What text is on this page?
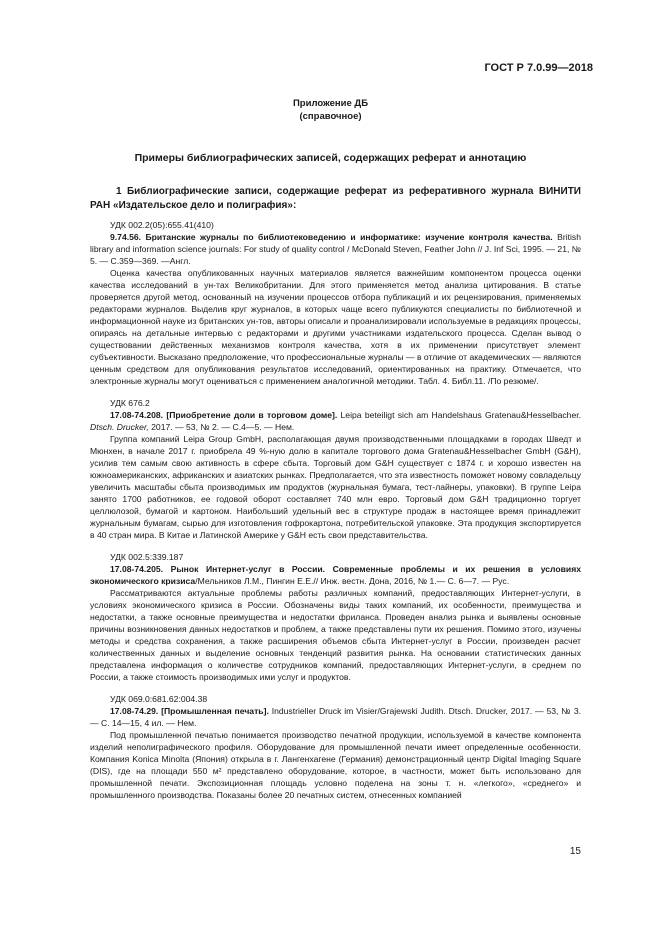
ГОСТ Р 7.0.99—2018
Приложение ДБ
(справочное)
Примеры библиографических записей, содержащих реферат и аннотацию
1 Библиографические записи, содержащие реферат из реферативного журнала ВИНИТИ РАН «Издательское дело и полиграфия»:
УДК 002.2(05):655.41(410)
9.74.56. Британские журналы по библиотековедению и информатике: изучение контроля качества. British library and information science journals: For study of quality control / McDonald Steven, Feather John // J. Inf Sci, 1995. — 21, № 5. — С.359—369. —Англ.

Оценка качества опубликованных научных материалов является важнейшим компонентом процесса оценки качества исследований в ун-тах Великобритании. Для этого применяется метод анализа цитирования. В статье проверяется другой метод, основанный на изучении процессов отбора публикаций и их рецензирования, применяемых редакторами журналов. Выделив круг журналов, в которых чаще всего публикуются специалисты по библиотечной и информационной науке из британских ун-тов, авторы описали и проанализировали используемые в редакциях процессы, опираясь на детальные интервью с редакторами и другими участниками издательского процесса. Сделан вывод о существовании действенных механизмов контроля качества, хотя в их применении присутствует элемент субъективности. Высказано предположение, что профессиональные журналы — в отличие от академических — являются ценным средством для опубликования результатов исследований, ориентированных на практику. Отмечается, что электронные журналы могут оцениваться с применением аналогичной методики. Табл. 4. Библ.11. /По резюме/.

УДК 676.2
17.08-74.208. [Приобретение доли в торговом доме]. Leipa beteiligt sich am Handelshaus Gratenau&Hesselbacher. Dtsch. Drucker, 2017. — 53, № 2. — С.4—5. — Нем.

Группа компаний Leipa Group GmbH, располагающая двумя производственными площадками в городах Шведт и Мюнхен, в начале 2017 г. приобрела 49 %-ную долю в капитале торгового дома Gratenau&Hesselbacher GmbH (G&H), усилив тем самым свою активность в сфере сбыта. Торговый дом G&H существует с 1874 г. и хорошо известен на южноамериканских, африканских и азиатских рынках. Предполагается, что эта известность поможет новому совладельцу увеличить масштабы сбыта производимых им продуктов (журнальная бумага, тест-лайнеры, упаковки). В группе Leipa занято 1700 работников, ее годовой оборот составляет 740 млн евро. Торговый дом G&H традиционно торгует целлюлозой, бумагой и картоном. Наибольший удельный вес в структуре продаж в настоящее время принадлежит журнальным бумагам, сырью для изготовления гофрокартона, потребительской упаковке. Эта продукция экспортируется в 40 стран мира. В Китае и Латинской Америке у G&H есть свои представительства.

УДК 002.5:339.187
17.08-74.205. Рынок Интернет-услуг в России. Современные проблемы и их решения в условиях экономического кризиса/Мельников Л.М., Пингин Е.Е.// Инж. вестн. Дона, 2016, № 1.— С. 6—7. — Рус.

Рассматриваются актуальные проблемы работы различных компаний, предоставляющих Интернет-услуги, в условиях экономического кризиса в России. Обозначены виды таких компаний, их особенности, преимущества и недостатки, а также основные преимущества и недостатки фриланса. Проведен анализ рынка и выявлены основные причины возникновения данных недостатков и проблем, а также представлены пути их решения. Помимо этого, изучены методы и средства сохранения, а также расширения объемов сбыта Интернет-услуг в России, произведен расчет количественных данных и выделение основных тенденций развития рынка. На основании статистических данных представлена информация о количестве сотрудников компаний, предоставляющих Интернет-услуги, в среднем по России, а также стоимость производимых ими услуг и продуктов.

УДК 069.0:681.62:004.38
17.08-74.29. [Промышленная печать]. Industrieller Druck im Visier/Grajewski Judith. Dtsch. Drucker, 2017. — 53, № 3. — С. 14—15, 4 ил. — Нем.

Под промышленной печатью понимается производство печатной продукции, используемой в качестве компонента изделий неполиграфического профиля. Оборудование для промышленной печати имеет определенные особенности. Компания Konica Minolta (Япония) открыла в г. Лангенхагене (Германия) демонстрационный центр Digital Imaging Square (DIS), где на площади 550 м² представлено оборудование, которое, в частности, может быть использовано для промышленной печати. Экспозиционная площадь условно поделена на зоны т. н. «легкого», «среднего» и промышленного производства. Показаны более 20 печатных систем, отнесенных компанией

15
